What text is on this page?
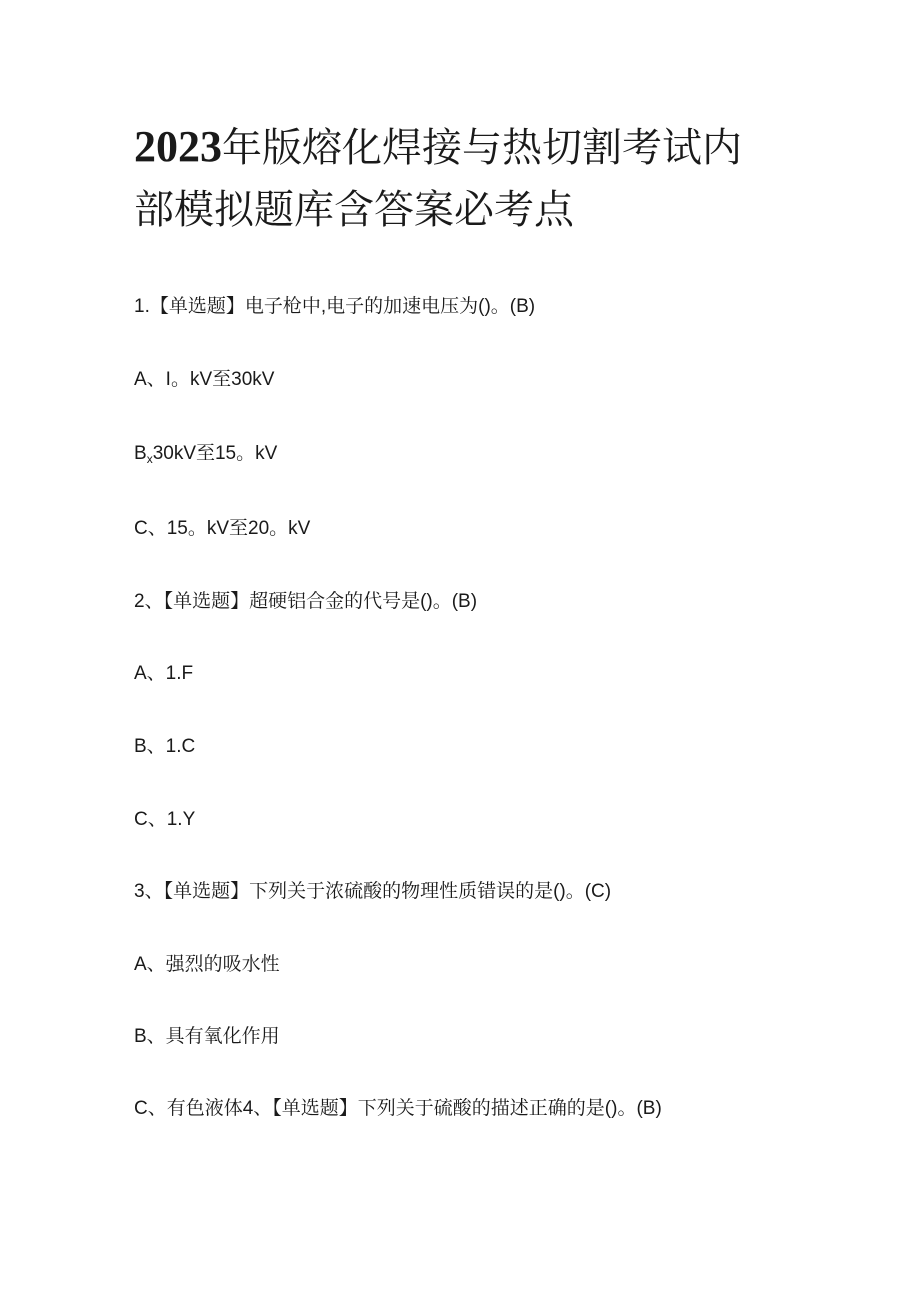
2023年版熔化焊接与热切割考试内
部模拟题库含答案必考点

1.【单选题】电子枪中,电子的加速电压为()。(B)

A、I。kV至30kV

$B_x30kV$至15。kV

C、15。kV至20。kV

2、【单选题】超硬铝合金的代号是()。(B)

A、1.F

B、1.C

C、1.Y

3、【单选题】下列关于浓硫酸的物理性质错误的是()。(C)

A、强烈的吸水性

B、具有氧化作用

C、有色液体4、【单选题】下列关于硫酸的描述正确的是()。(B)
